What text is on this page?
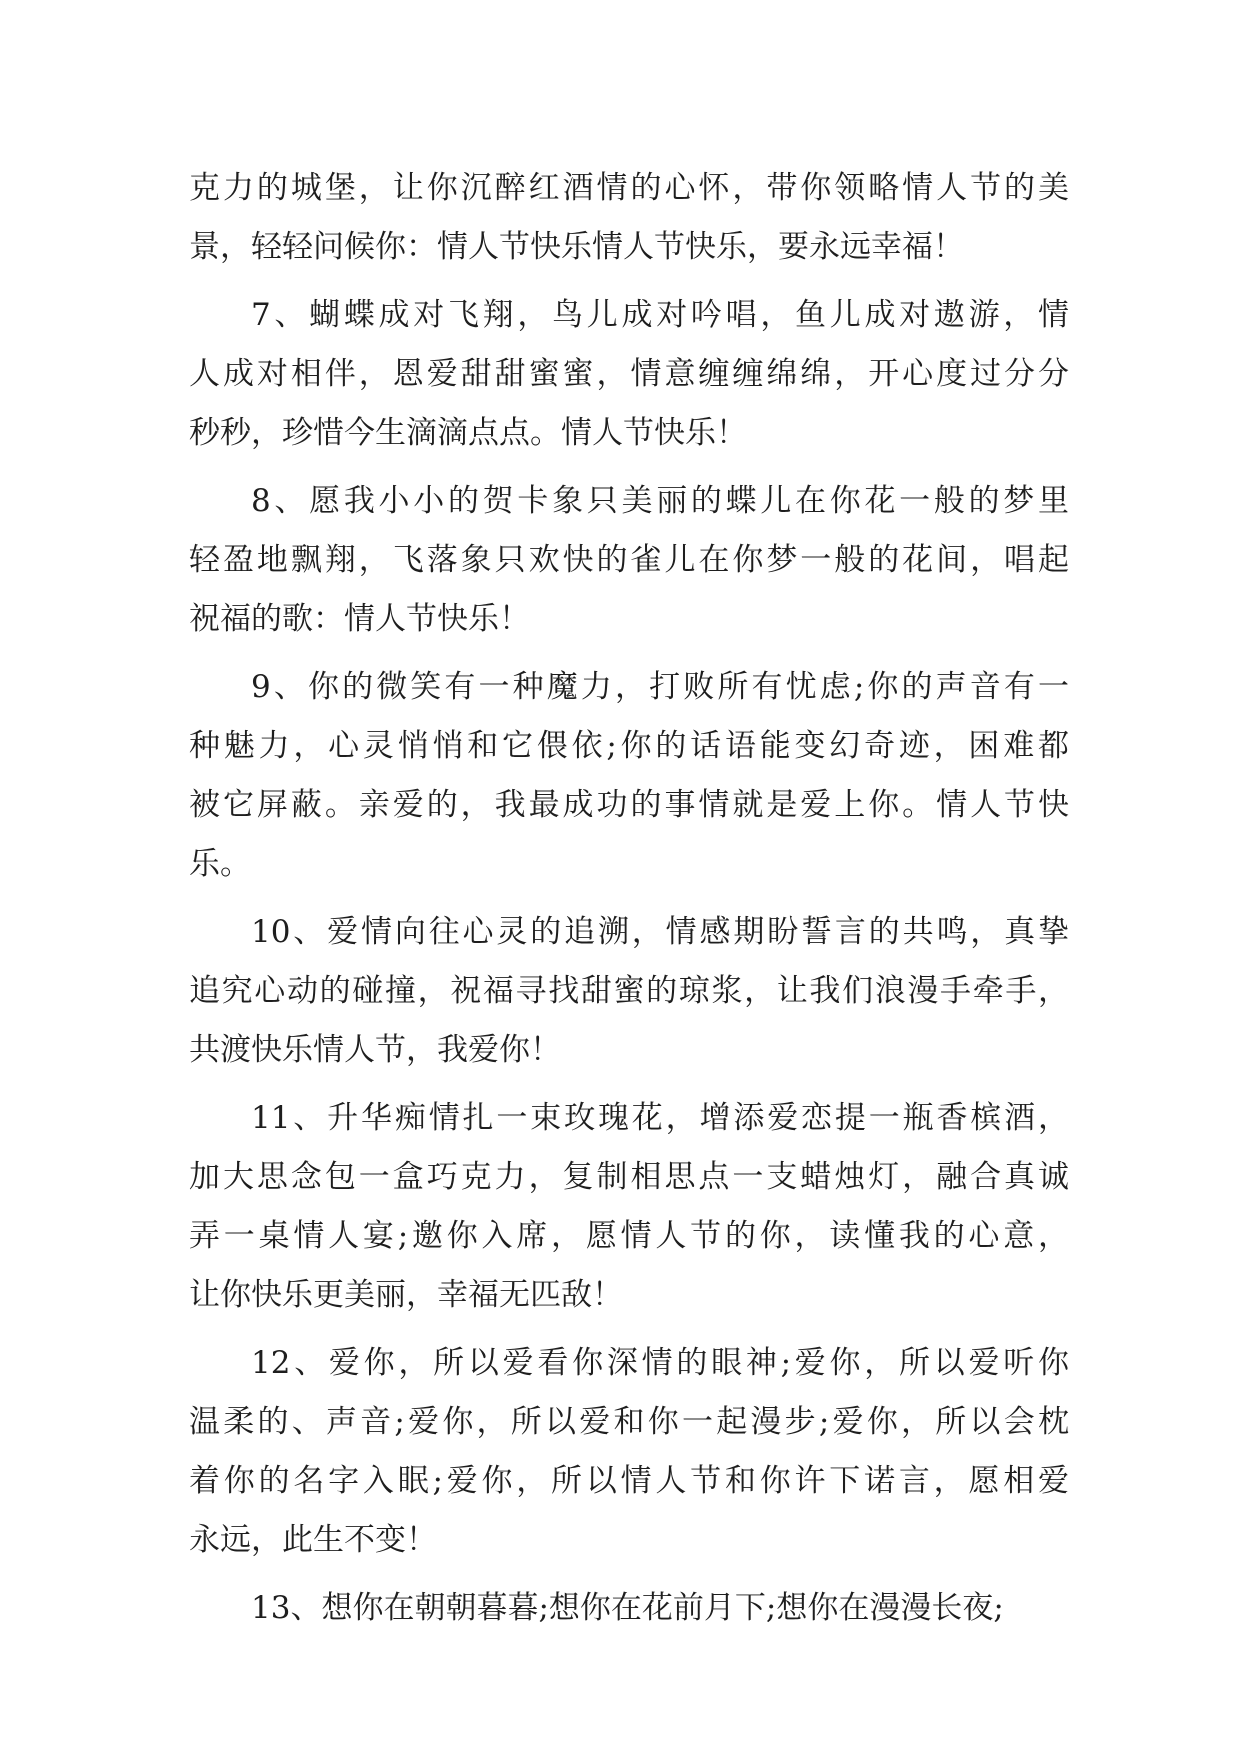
克力的城堡，让你沉醉红酒情的心怀，带你领略情人节的美
景，轻轻问候你：情人节快乐情人节快乐，要永远幸福！
7、蝴蝶成对飞翔，鸟儿成对吟唱，鱼儿成对遨游，情
人成对相伴，恩爱甜甜蜜蜜，情意缠缠绵绵，开心度过分分
秒秒，珍惜今生滴滴点点。情人节快乐！
8、愿我小小的贺卡象只美丽的蝶儿在你花一般的梦里
轻盈地飘翔，飞落象只欢快的雀儿在你梦一般的花间，唱起
祝福的歌：情人节快乐！
9、你的微笑有一种魔力，打败所有忧虑;你的声音有一
种魅力，心灵悄悄和它偎依;你的话语能变幻奇迹，困难都
被它屏蔽。亲爱的，我最成功的事情就是爱上你。情人节快
乐。
10、爱情向往心灵的追溯，情感期盼誓言的共鸣，真挚
追究心动的碰撞，祝福寻找甜蜜的琼浆，让我们浪漫手牵手，
共渡快乐情人节，我爱你！
11、升华痴情扎一束玫瑰花，增添爱恋提一瓶香槟酒，
加大思念包一盒巧克力，复制相思点一支蜡烛灯，融合真诚
弄一桌情人宴;邀你入席，愿情人节的你，读懂我的心意，
让你快乐更美丽，幸福无匹敌！
12、爱你，所以爱看你深情的眼神;爱你，所以爱听你
温柔的、声音;爱你，所以爱和你一起漫步;爱你，所以会枕
着你的名字入眠;爱你，所以情人节和你许下诺言，愿相爱
永远，此生不变！
13、想你在朝朝暮暮;想你在花前月下;想你在漫漫长夜;
